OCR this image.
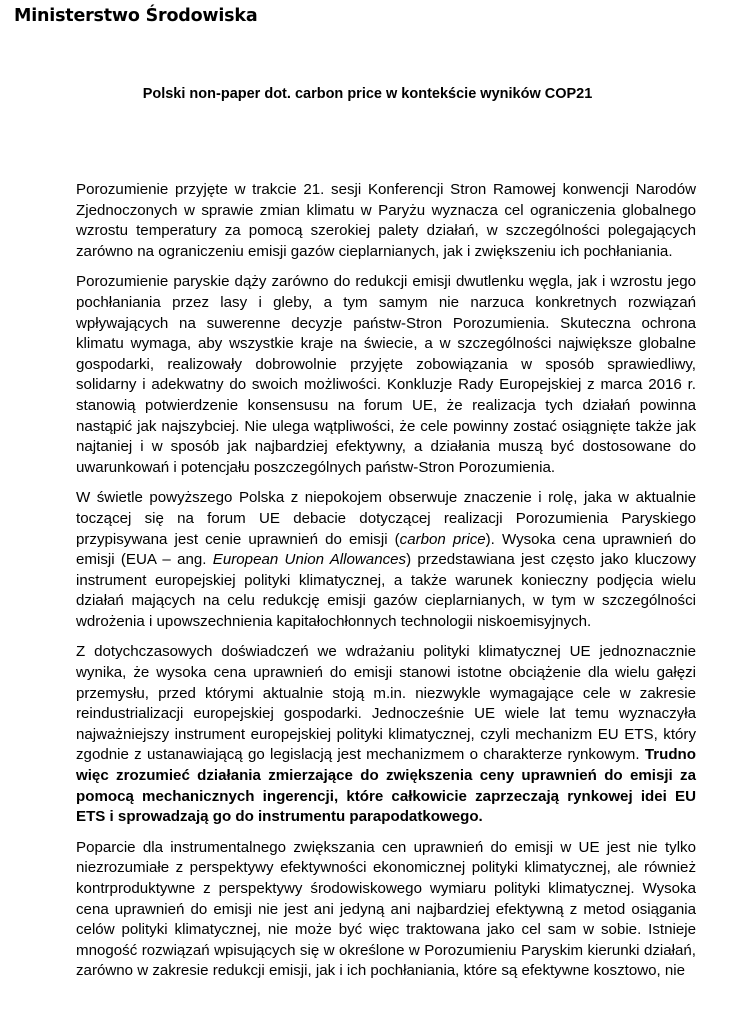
Ministerstwo Środowiska
Polski non-paper dot. carbon price w kontekście wyników COP21

Porozumienie przyjęte w trakcie 21. sesji Konferencji Stron Ramowej konwencji Narodów Zjednoczonych w sprawie zmian klimatu w Paryżu wyznacza cel ograniczenia globalnego wzrostu temperatury za pomocą szerokiej palety działań, w szczególności polegających zarówno na ograniczeniu emisji gazów cieplarnianych, jak i zwiększeniu ich pochłaniania.

Porozumienie paryskie dąży zarówno do redukcji emisji dwutlenku węgla, jak i wzrostu jego pochłaniania przez lasy i gleby, a tym samym nie narzuca konkretnych rozwiązań wpływających na suwerenne decyzje państw-Stron Porozumienia. Skuteczna ochrona klimatu wymaga, aby wszystkie kraje na świecie, a w szczególności największe globalne gospodarki, realizowały dobrowolnie przyjęte zobowiązania w sposób sprawiedliwy, solidarny i adekwatny do swoich możliwości. Konkluzje Rady Europejskiej z marca 2016 r. stanowią potwierdzenie konsensusu na forum UE, że realizacja tych działań powinna nastąpić jak najszybciej. Nie ulega wątpliwości, że cele powinny zostać osiągnięte także jak najtaniej i w sposób jak najbardziej efektywny, a działania muszą być dostosowane do uwarunkowań i potencjału poszczególnych państw-Stron Porozumienia.

W świetle powyższego Polska z niepokojem obserwuje znaczenie i rolę, jaka w aktualnie toczącej się na forum UE debacie dotyczącej realizacji Porozumienia Paryskiego przypisywana jest cenie uprawnień do emisji (carbon price). Wysoka cena uprawnień do emisji (EUA – ang. European Union Allowances) przedstawiana jest często jako kluczowy instrument europejskiej polityki klimatycznej, a także warunek konieczny podjęcia wielu działań mających na celu redukcję emisji gazów cieplarnianych, w tym w szczególności wdrożenia i upowszechnienia kapitałochłonnych technologii niskoemisyjnych.

Z dotychczasowych doświadczeń we wdrażaniu polityki klimatycznej UE jednoznacznie wynika, że wysoka cena uprawnień do emisji stanowi istotne obciążenie dla wielu gałęzi przemysłu, przed którymi aktualnie stoją m.in. niezwykle wymagające cele w zakresie reindustrializacji europejskiej gospodarki. Jednocześnie UE wiele lat temu wyznaczyła najważniejszy instrument europejskiej polityki klimatycznej, czyli mechanizm EU ETS, który zgodnie z ustanawiającą go legislacją jest mechanizmem o charakterze rynkowym. Trudno więc zrozumieć działania zmierzające do zwiększenia ceny uprawnień do emisji za pomocą mechanicznych ingerencji, które całkowicie zaprzeczają rynkowej idei EU ETS i sprowadzają go do instrumentu parapodatkowego.

Poparcie dla instrumentalnego zwiększania cen uprawnień do emisji w UE jest nie tylko niezrozumiałe z perspektywy efektywności ekonomicznej polityki klimatycznej, ale również kontrproduktywne z perspektywy środowiskowego wymiaru polityki klimatycznej. Wysoka cena uprawnień do emisji nie jest ani jedyną ani najbardziej efektywną z metod osiągania celów polityki klimatycznej, nie może być więc traktowana jako cel sam w sobie. Istnieje mnogość rozwiązań wpisujących się w określone w Porozumieniu Paryskim kierunki działań, zarówno w zakresie redukcji emisji, jak i ich pochłaniania, które są efektywne kosztowo, nie
